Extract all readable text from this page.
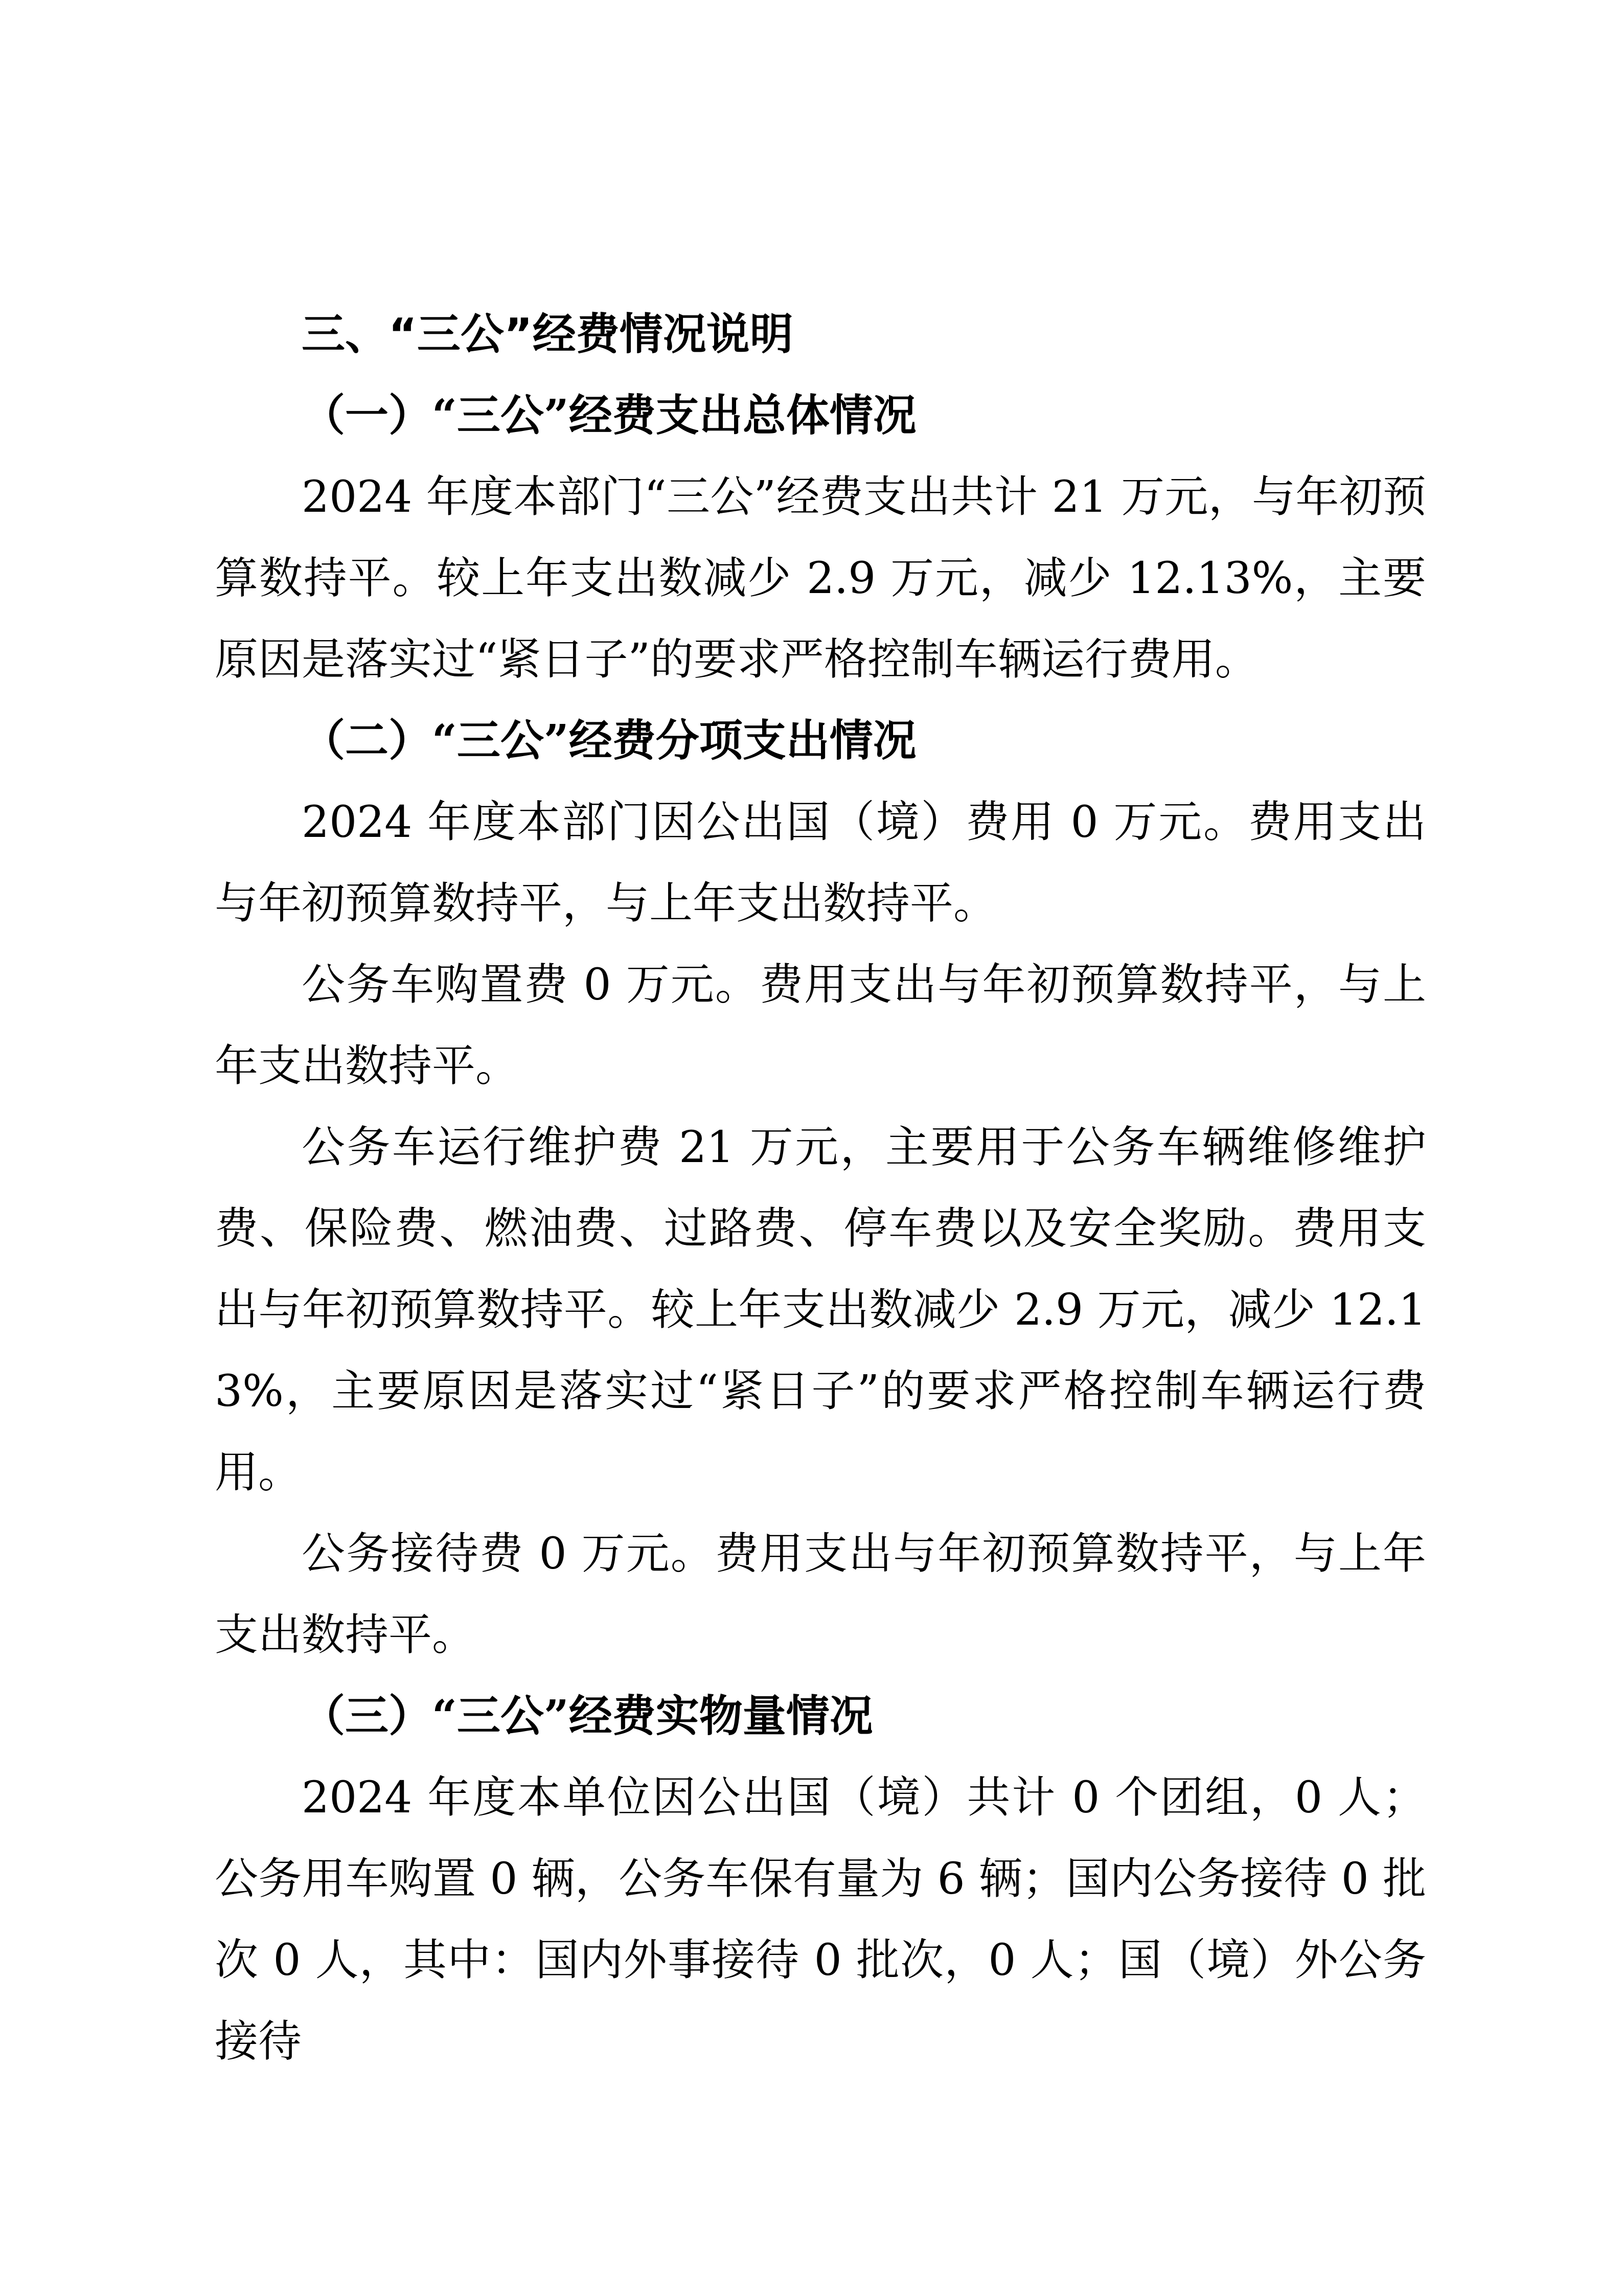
三、“三公”经费情况说明
（一）“三公”经费支出总体情况

2024 年度本部门“三公”经费支出共计 21 万元，与年初预算数持平。较上年支出数减少 2.9 万元，减少 12.13%，主要原因是落实过“紧日子”的要求严格控制车辆运行费用。

（二）“三公”经费分项支出情况

2024 年度本部门因公出国（境）费用 0 万元。费用支出与年初预算数持平，与上年支出数持平。

公务车购置费 0 万元。费用支出与年初预算数持平，与上年支出数持平。

公务车运行维护费 21 万元，主要用于公务车辆维修维护费、保险费、燃油费、过路费、停车费以及安全奖励。费用支出与年初预算数持平。较上年支出数减少 2.9 万元，减少 12.13%，主要原因是落实过“紧日子”的要求严格控制车辆运行费用。

公务接待费 0 万元。费用支出与年初预算数持平，与上年支出数持平。

（三）“三公”经费实物量情况

2024 年度本单位因公出国（境）共计 0 个团组，0 人；公务用车购置 0 辆，公务车保有量为 6 辆；国内公务接待 0 批次 0 人，其中：国内外事接待 0 批次，0 人；国（境）外公务接待
